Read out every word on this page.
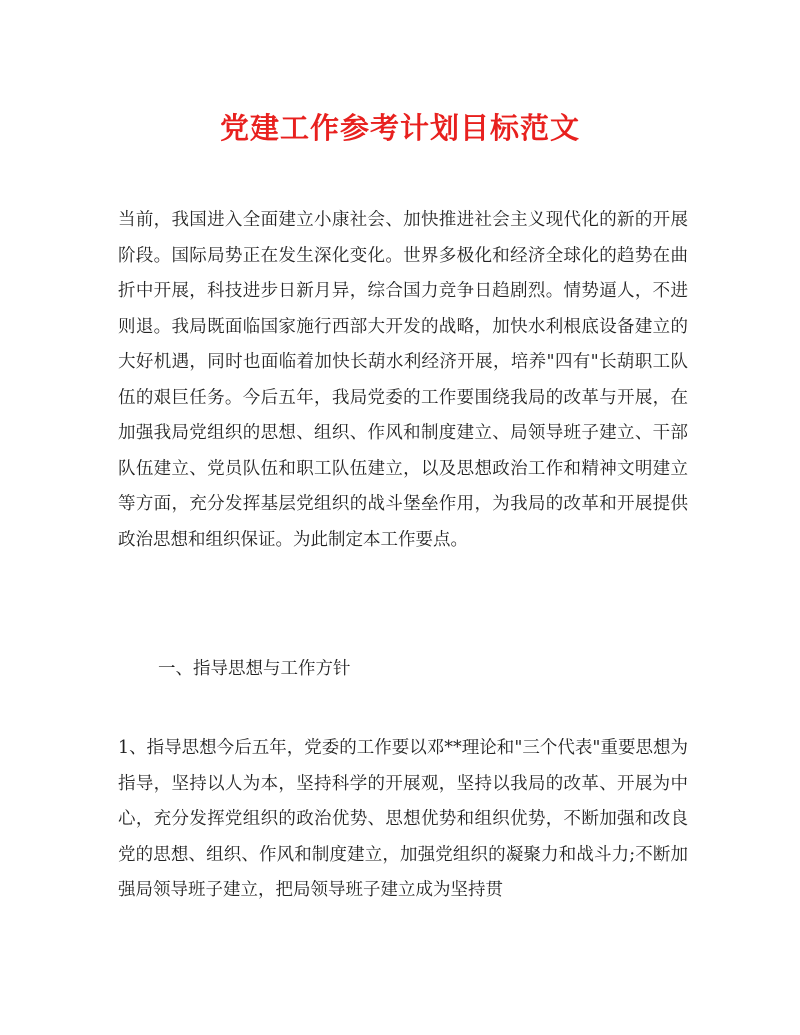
党建工作参考计划目标范文

当前，我国进入全面建立小康社会、加快推进社会主义现代化的新的开展阶段。国际局势正在发生深化变化。世界多极化和经济全球化的趋势在曲折中开展，科技进步日新月异，综合国力竞争日趋剧烈。情势逼人，不进则退。我局既面临国家施行西部大开发的战略，加快水利根底设备建立的大好机遇，同时也面临着加快长葫水利经济开展，培养"四有"长葫职工队伍的艰巨任务。今后五年，我局党委的工作要围绕我局的改革与开展，在加强我局党组织的思想、组织、作风和制度建立、局领导班子建立、干部队伍建立、党员队伍和职工队伍建立，以及思想政治工作和精神文明建立等方面，充分发挥基层党组织的战斗堡垒作用，为我局的改革和开展提供政治思想和组织保证。为此制定本工作要点。

一、指导思想与工作方针

1、指导思想今后五年，党委的工作要以邓**理论和"三个代表"重要思想为指导，坚持以人为本，坚持科学的开展观，坚持以我局的改革、开展为中心，充分发挥党组织的政治优势、思想优势和组织优势，不断加强和改良党的思想、组织、作风和制度建立，加强党组织的凝聚力和战斗力;不断加强局领导班子建立，把局领导班子建立成为坚持贯
